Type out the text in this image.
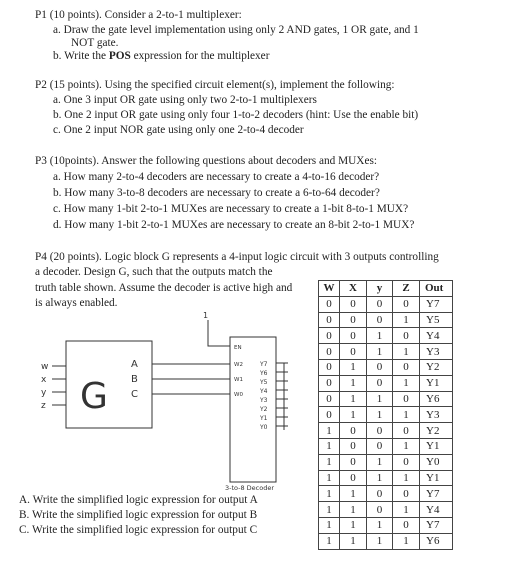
P1 (10 points). Consider a 2-to-1 multiplexer:
a. Draw the gate level implementation using only 2 AND gates, 1 OR gate, and 1
NOT gate.
b. Write the POS expression for the multiplexer
P2 (15 points). Using the specified circuit element(s), implement the following:
a. One 3 input OR gate using only two 2-to-1 multiplexers
b. One 2 input OR gate using only four 1-to-2 decoders (hint: Use the enable bit)
c. One 2 input NOR gate using only one 2-to-4 decoder
P3 (10points). Answer the following questions about decoders and MUXes:
a. How many 2-to-4 decoders are necessary to create a 4-to-16 decoder?
b. How many 3-to-8 decoders are necessary to create a 6-to-64 decoder?
c. How many 1-bit 2-to-1 MUXes are necessary to create a 1-bit 8-to-1 MUX?
d. How many 1-bit 2-to-1 MUXes are necessary to create an 8-bit 2-to-1 MUX?
P4 (20 points). Logic block G represents a 4-input logic circuit with 3 outputs controlling
a decoder. Design G, such that the outputs match the
truth table shown. Assume the decoder is active high and
is always enabled.
A. Write the simplified logic expression for output A
B. Write the simplified logic expression for output B
C. Write the simplified logic expression for output C
w
x
y
z G
A
B
C
1
EN
W2
W1
W0
Y7
Y6
Y5
Y4
Y3
Y2
Y1
Y0
3-to-8 Decoder
W	X	y	Z	Out
0	0	0	0	Y7
0	0	0	1	Y5
0	0	1	0	Y4
0	0	1	1	Y3
0	1	0	0	Y2
0	1	0	1	Y1
0	1	1	0	Y6
0	1	1	1	Y3
1	0	0	0	Y2
1	0	0	1	Y1
1	0	1	0	Y0
1	0	1	1	Y1
1	1	0	0	Y7
1	1	0	1	Y4
1	1	1	0	Y7
1	1	1	1	Y6
